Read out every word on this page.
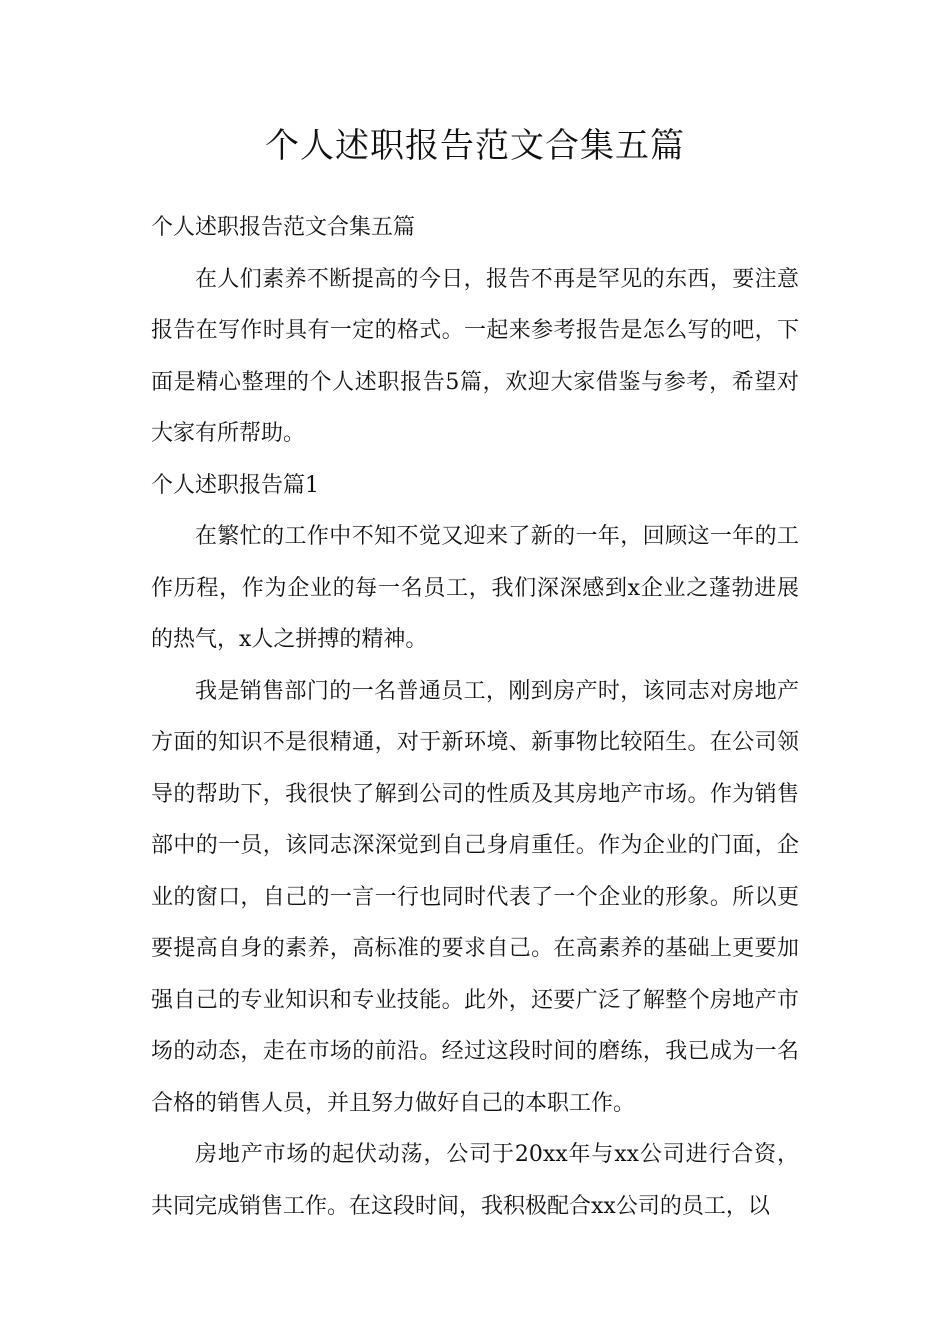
个人述职报告范文合集五篇

个人述职报告范文合集五篇

在人们素养不断提高的今日，报告不再是罕见的东西，要注意报告在写作时具有一定的格式。一起来参考报告是怎么写的吧，下面是精心整理的个人述职报告5篇，欢迎大家借鉴与参考，希望对大家有所帮助。

个人述职报告篇1

在繁忙的工作中不知不觉又迎来了新的一年，回顾这一年的工作历程，作为企业的每一名员工，我们深深感到x企业之蓬勃进展的热气，x人之拼搏的精神。

我是销售部门的一名普通员工，刚到房产时，该同志对房地产方面的知识不是很精通，对于新环境、新事物比较陌生。在公司领导的帮助下，我很快了解到公司的性质及其房地产市场。作为销售部中的一员，该同志深深觉到自己身肩重任。作为企业的门面，企业的窗口，自己的一言一行也同时代表了一个企业的形象。所以更要提高自身的素养，高标准的要求自己。在高素养的基础上更要加强自己的专业知识和专业技能。此外，还要广泛了解整个房地产市场的动态，走在市场的前沿。经过这段时间的磨练，我已成为一名合格的销售人员，并且努力做好自己的本职工作。

房地产市场的起伏动荡，公司于20xx年与xx公司进行合资，共同完成销售工作。在这段时间，我积极配合xx公司的员工，以
